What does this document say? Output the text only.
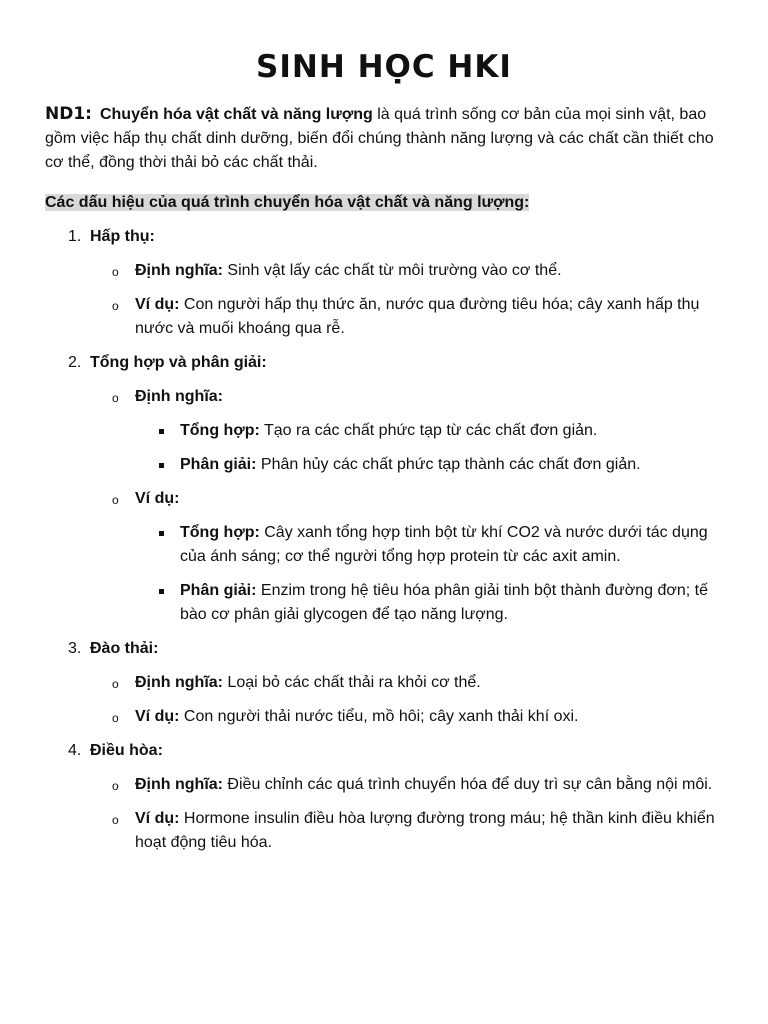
SINH HỌC HKI

ND1: Chuyển hóa vật chất và năng lượng là quá trình sống cơ bản của mọi sinh vật, bao gồm việc hấp thụ chất dinh dưỡng, biến đổi chúng thành năng lượng và các chất cần thiết cho cơ thể, đồng thời thải bỏ các chất thải.

Các dấu hiệu của quá trình chuyển hóa vật chất và năng lượng:
1. Hấp thụ:
o Định nghĩa: Sinh vật lấy các chất từ môi trường vào cơ thể.
o Ví dụ: Con người hấp thụ thức ăn, nước qua đường tiêu hóa; cây xanh hấp thụ nước và muối khoáng qua rễ.
2. Tổng hợp và phân giải:
o Định nghĩa:
Tổng hợp: Tạo ra các chất phức tạp từ các chất đơn giản.
Phân giải: Phân hủy các chất phức tạp thành các chất đơn giản.
o Ví dụ:
Tổng hợp: Cây xanh tổng hợp tinh bột từ khí CO2 và nước dưới tác dụng của ánh sáng; cơ thể người tổng hợp protein từ các axit amin.
Phân giải: Enzim trong hệ tiêu hóa phân giải tinh bột thành đường đơn; tế bào cơ phân giải glycogen để tạo năng lượng.
3. Đào thải:
o Định nghĩa: Loại bỏ các chất thải ra khỏi cơ thể.
o Ví dụ: Con người thải nước tiểu, mồ hôi; cây xanh thải khí oxi.
4. Điều hòa:
o Định nghĩa: Điều chỉnh các quá trình chuyển hóa để duy trì sự cân bằng nội môi.
o Ví dụ: Hormone insulin điều hòa lượng đường trong máu; hệ thần kinh điều khiển hoạt động tiêu hóa.
